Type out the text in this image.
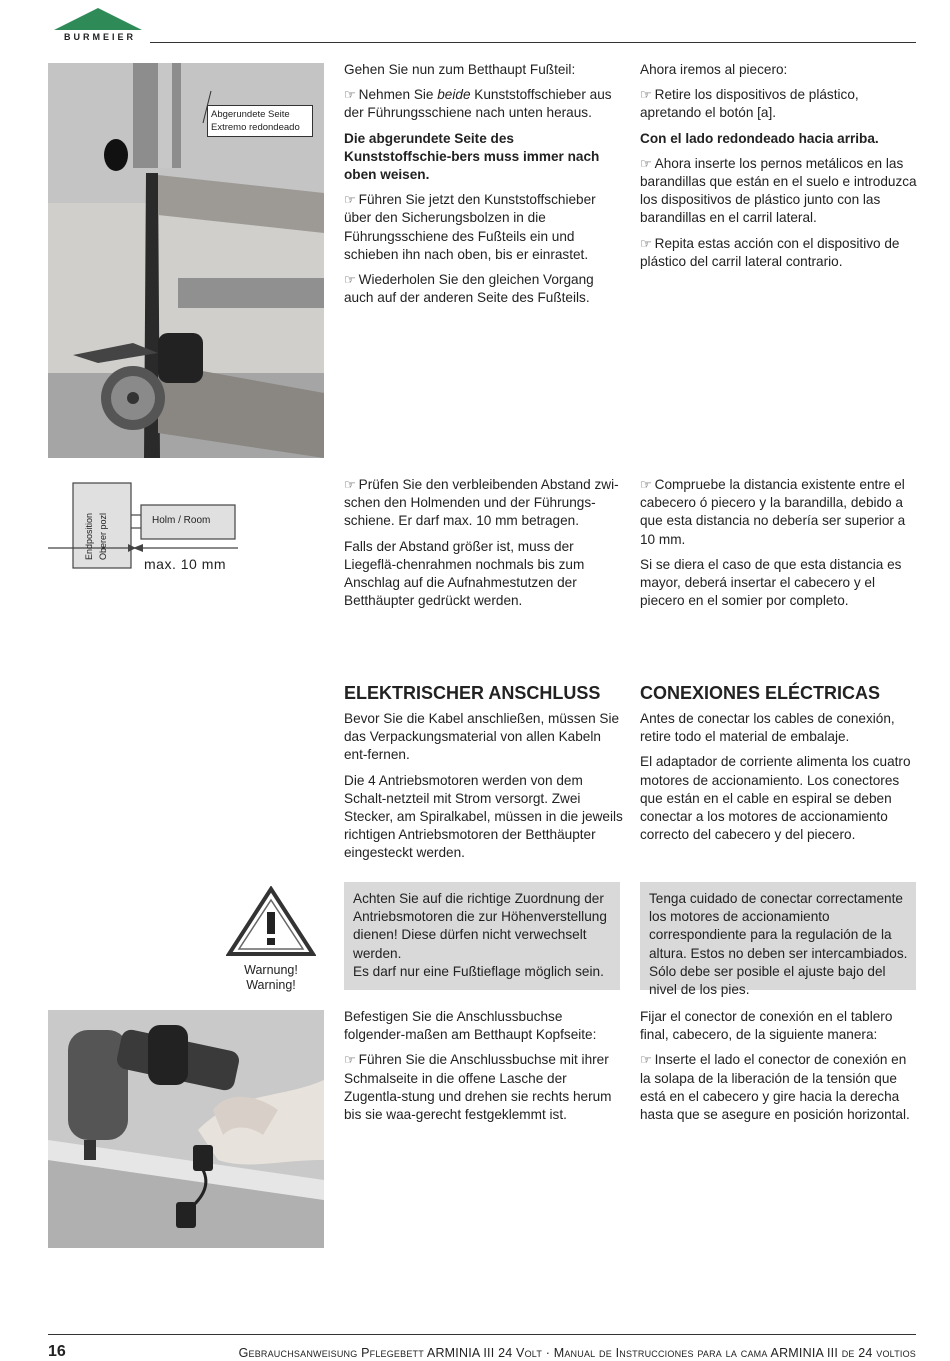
BURMEIER
Abgerundete Seite
Extremo redondeado

Gehen Sie nun zum Betthaupt Fußteil:

☞ Nehmen Sie beide Kunststoffschieber aus der Führungsschiene nach unten heraus.

Die abgerundete Seite des Kunststoffschie-bers muss immer nach oben weisen.

☞ Führen Sie jetzt den Kunststoffschieber über den Sicherungsbolzen in die Führungsschiene des Fußteils ein und schieben ihn nach oben, bis er einrastet.

☞ Wiederholen Sie den gleichen Vorgang auch auf der anderen Seite des Fußteils.

Ahora iremos al piecero:

☞ Retire los dispositivos de plástico, apretando el botón [a].

Con el lado redondeado hacia arriba.

☞ Ahora inserte los pernos metálicos en las barandillas que están en el suelo e introduzca los dispositivos de plástico junto con las barandillas en el carril lateral.

☞ Repita estas acción con el dispositivo de plástico del carril lateral contrario.

Endposition Oberer pozl	Holm / Room
max. 10 mm

☞ Prüfen Sie den verbleibenden Abstand zwi-schen den Holmenden und der Führungs-schiene. Er darf max. 10 mm betragen.

Falls der Abstand größer ist, muss der Liegeflä-chenrahmen nochmals bis zum Anschlag auf die Aufnahmestutzen der Betthäupter gedrückt werden.

☞ Compruebe la distancia existente entre el cabecero ó piecero y la barandilla, debido a que esta distancia no debería ser superior a 10 mm.

Si se diera el caso de que esta distancia es mayor, deberá insertar el cabecero y el piecero en el somier por completo.

ELEKTRISCHER ANSCHLUSS

Bevor Sie die Kabel anschließen, müssen Sie das Verpackungsmaterial von allen Kabeln ent-fernen.

Die 4 Antriebsmotoren werden von dem Schalt-netzteil mit Strom versorgt. Zwei Stecker, am Spiralkabel, müssen in die jeweils richtigen Antriebsmotoren der Betthäupter eingesteckt werden.

CONEXIONES ELÉCTRICAS

Antes de conectar los cables de conexión, retire todo el material de embalaje.

El adaptador de corriente alimenta los cuatro motores de accionamiento. Los conectores que están en el cable en espiral se deben conectar a los motores de accionamiento correcto del cabecero y del piecero.

Warnung!
Warning!
Achten Sie auf die richtige Zuordnung der Antriebsmotoren die zur Höhenverstellung dienen! Diese dürfen nicht verwechselt werden.
Es darf nur eine Fußtieflage möglich sein.
Tenga cuidado de conectar correctamente los motores de accionamiento correspondiente para la regulación de la altura. Estos no deben ser intercambiados. Sólo debe ser posible el ajuste bajo del nivel de los pies.

Befestigen Sie die Anschlussbuchse folgender-maßen am Betthaupt Kopfseite:

☞ Führen Sie die Anschlussbuchse mit ihrer Schmalseite in die offene Lasche der Zugentla-stung und drehen sie rechts herum bis sie waa-gerecht festgeklemmt ist.

Fijar el conector de conexión en el tablero final, cabecero, de la siguiente manera:

☞ Inserte el lado el conector de conexión en la solapa de la liberación de la tensión que está en el cabecero y gire hacia la derecha hasta que se asegure en posición horizontal.

16	Gebrauchsanweisung Pflegebett ARMINIA III 24 Volt · Manual de Instrucciones para la cama ARMINIA III de 24 voltios
